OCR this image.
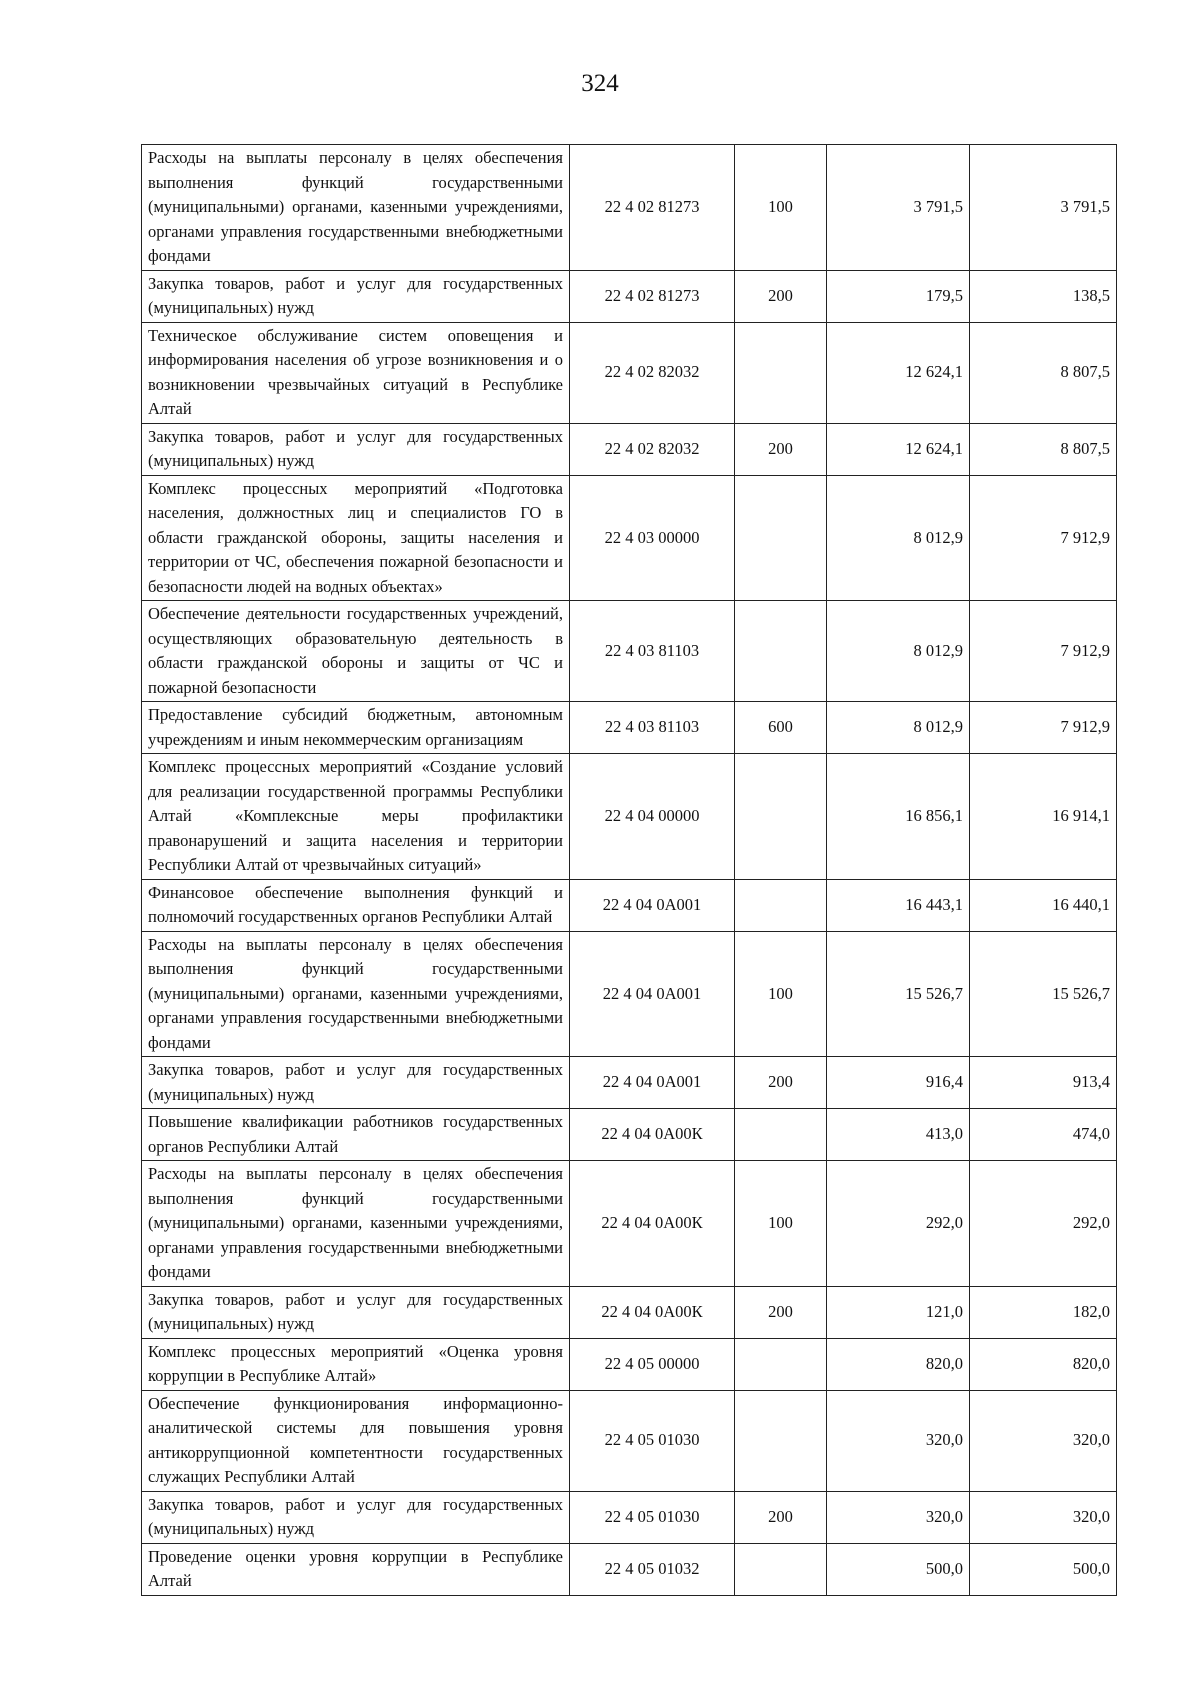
324
Расходы на выплаты персоналу в целях обеспечения выполнения функций государственными (муниципальными) органами, казенными учреждениями, органами управления государственными внебюджетными фондами	22 4 02 81273	100	3 791,5	3 791,5
Закупка товаров, работ и услуг для государственных (муниципальных) нужд	22 4 02 81273	200	179,5	138,5
Техническое обслуживание систем оповещения и информирования населения об угрозе возникновения и о возникновении чрезвычайных ситуаций в Республике Алтай	22 4 02 82032		12 624,1	8 807,5
Закупка товаров, работ и услуг для государственных (муниципальных) нужд	22 4 02 82032	200	12 624,1	8 807,5
Комплекс процессных мероприятий «Подготовка населения, должностных лиц и специалистов ГО в области гражданской обороны, защиты населения и территории от ЧС, обеспечения пожарной безопасности и безопасности людей на водных объектах»	22 4 03 00000		8 012,9	7 912,9
Обеспечение деятельности государственных учреждений, осуществляющих образовательную деятельность в области гражданской обороны и защиты от ЧС и пожарной безопасности	22 4 03 81103		8 012,9	7 912,9
Предоставление субсидий бюджетным, автономным учреждениям и иным некоммерческим организациям	22 4 03 81103	600	8 012,9	7 912,9
Комплекс процессных мероприятий «Создание условий для реализации государственной программы Республики Алтай «Комплексные меры профилактики правонарушений и защита населения и территории Республики Алтай от чрезвычайных ситуаций»	22 4 04 00000		16 856,1	16 914,1
Финансовое обеспечение выполнения функций и полномочий государственных органов Республики Алтай	22 4 04 0А001		16 443,1	16 440,1
Расходы на выплаты персоналу в целях обеспечения выполнения функций государственными (муниципальными) органами, казенными учреждениями, органами управления государственными внебюджетными фондами	22 4 04 0А001	100	15 526,7	15 526,7
Закупка товаров, работ и услуг для государственных (муниципальных) нужд	22 4 04 0А001	200	916,4	913,4
Повышение квалификации работников государственных органов Республики Алтай	22 4 04 0А00К		413,0	474,0
Расходы на выплаты персоналу в целях обеспечения выполнения функций государственными (муниципальными) органами, казенными учреждениями, органами управления государственными внебюджетными фондами	22 4 04 0А00К	100	292,0	292,0
Закупка товаров, работ и услуг для государственных (муниципальных) нужд	22 4 04 0А00К	200	121,0	182,0
Комплекс процессных мероприятий «Оценка уровня коррупции в Республике Алтай»	22 4 05 00000		820,0	820,0
Обеспечение функционирования информационно-аналитической системы для повышения уровня антикоррупционной компетентности государственных служащих Республики Алтай	22 4 05 01030		320,0	320,0
Закупка товаров, работ и услуг для государственных (муниципальных) нужд	22 4 05 01030	200	320,0	320,0
Проведение оценки уровня коррупции в Республике Алтай	22 4 05 01032		500,0	500,0
